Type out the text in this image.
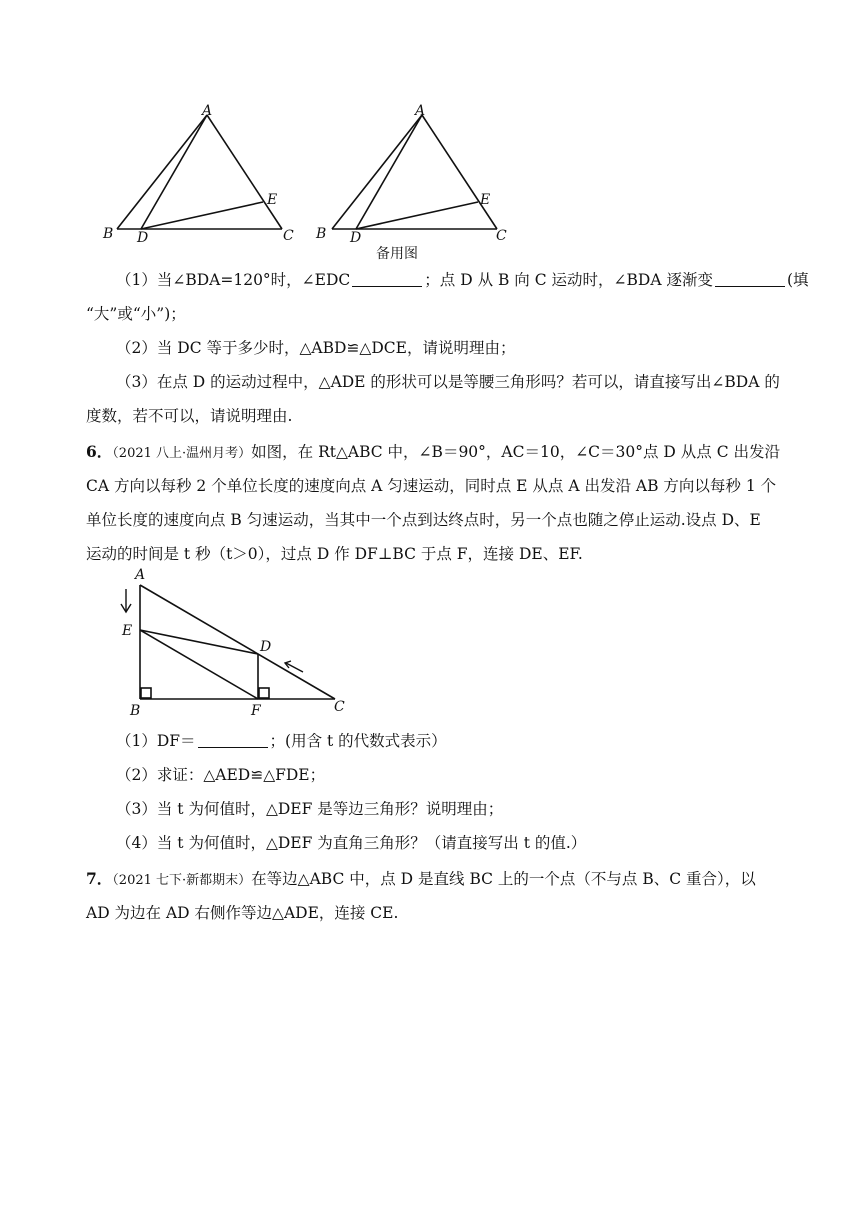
A
B	C
D
E
A
B	C
D
E
备用图
（1）当∠BDA=120°时，∠EDC	；点 D 从 B 向 C 运动时，∠BDA 逐渐变	(填
“大”或“小”)；
（2）当 DC 等于多少时，△ABD≌△DCE，请说明理由；
（3）在点 D 的运动过程中，△ADE 的形状可以是等腰三角形吗？若可以，请直接写出∠BDA 的
度数，若不可以，请说明理由.
6．（2021 八上·温州月考）如图，在 Rt△ABC 中，∠B＝90°，AC＝10，∠C＝30°点 D 从点 C 出发沿
CA 方向以每秒 2 个单位长度的速度向点 A 匀速运动，同时点 E 从点 A 出发沿 AB 方向以每秒 1 个
单位长度的速度向点 B 匀速运动，当其中一个点到达终点时，另一个点也随之停止运动.设点 D、E
运动的时间是 t 秒（t＞0），过点 D 作 DF⊥BC 于点 F，连接 DE、EF.
A
E
D
B	F	C
（1）DF＝	；(用含 t 的代数式表示）
（2）求证：△AED≌△FDE；
（3）当 t 为何值时，△DEF 是等边三角形？说明理由；
（4）当 t 为何值时，△DEF 为直角三角形？（请直接写出 t 的值.）
7．（2021 七下·新都期末）在等边△ABC 中，点 D 是直线 BC 上的一个点（不与点 B、C 重合），以
AD 为边在 AD 右侧作等边△ADE，连接 CE.
